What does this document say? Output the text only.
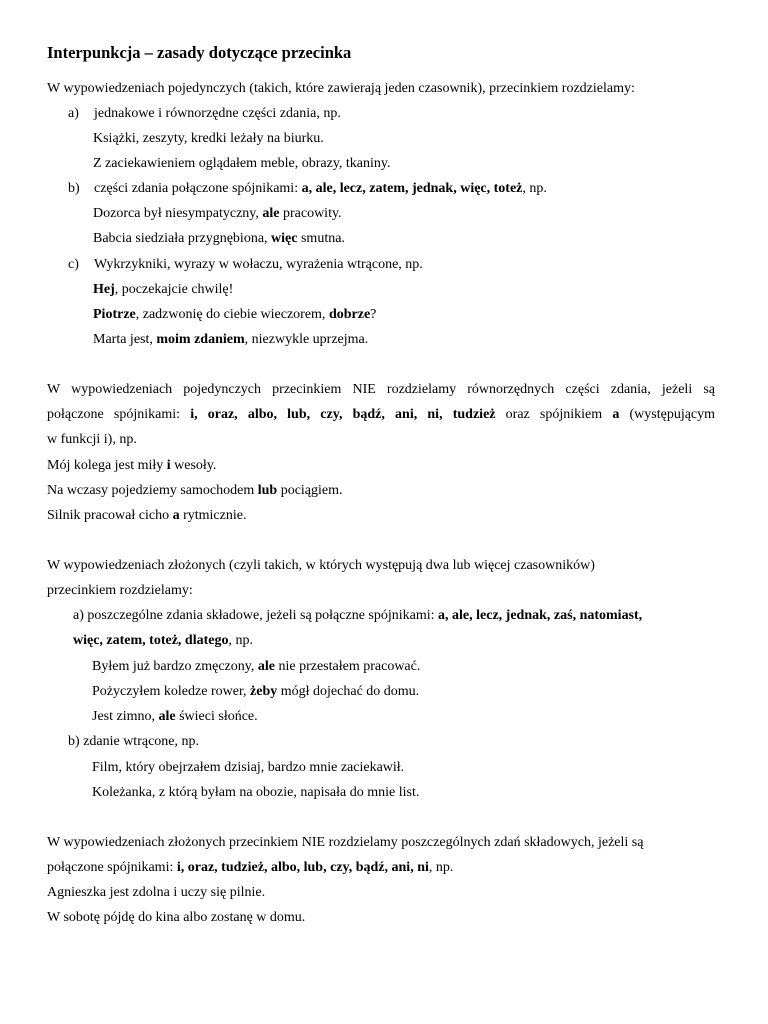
Interpunkcja – zasady dotyczące przecinka
W wypowiedzeniach pojedynczych (takich, które zawierają jeden czasownik), przecinkiem rozdzielamy:
a) jednakowe i równorzędne części zdania, np.
Książki, zeszyty, kredki leżały na biurku.
Z zaciekawieniem oglądałem meble, obrazy, tkaniny.
b) części zdania połączone spójnikami: a, ale, lecz, zatem, jednak, więc, toteż, np.
Dozorca był niesympatyczny, ale pracowity.
Babcia siedziała przygnębiona, więc smutna.
c) Wykrzykniki, wyrazy w wołaczu, wyrażenia wtrącone, np.
Hej, poczekajcie chwilę!
Piotrze, zadzwonię do ciebie wieczorem, dobrze?
Marta jest, moim zdaniem, niezwykle uprzejma.
W wypowiedzeniach pojedynczych przecinkiem NIE rozdzielamy równorzędnych części zdania, jeżeli są
połączone spójnikami: i, oraz, albo, lub, czy, bądź, ani, ni, tudzież oraz spójnikiem a (występującym
w funkcji i), np.
Mój kolega jest miły i wesoły.
Na wczasy pojedziemy samochodem lub pociągiem.
Silnik pracował cicho a rytmicznie.
W wypowiedzeniach złożonych (czyli takich, w których występują dwa lub więcej czasowników)
przecinkiem rozdzielamy:
a) poszczególne zdania składowe, jeżeli są połączne spójnikami: a, ale, lecz, jednak, zaś, natomiast,
więc, zatem, toteż, dlatego, np.
Byłem już bardzo zmęczony, ale nie przestałem pracować.
Pożyczyłem koledze rower, żeby mógł dojechać do domu.
Jest zimno, ale świeci słońce.
b) zdanie wtrącone, np.
Film, który obejrzałem dzisiaj, bardzo mnie zaciekawił.
Koleżanka, z którą byłam na obozie, napisała do mnie list.
W wypowiedzeniach złożonych przecinkiem NIE rozdzielamy poszczególnych zdań składowych, jeżeli są
połączone spójnikami: i, oraz, tudzież, albo, lub, czy, bądź, ani, ni, np.
Agnieszka jest zdolna i uczy się pilnie.
W sobotę pójdę do kina albo zostanę w domu.
